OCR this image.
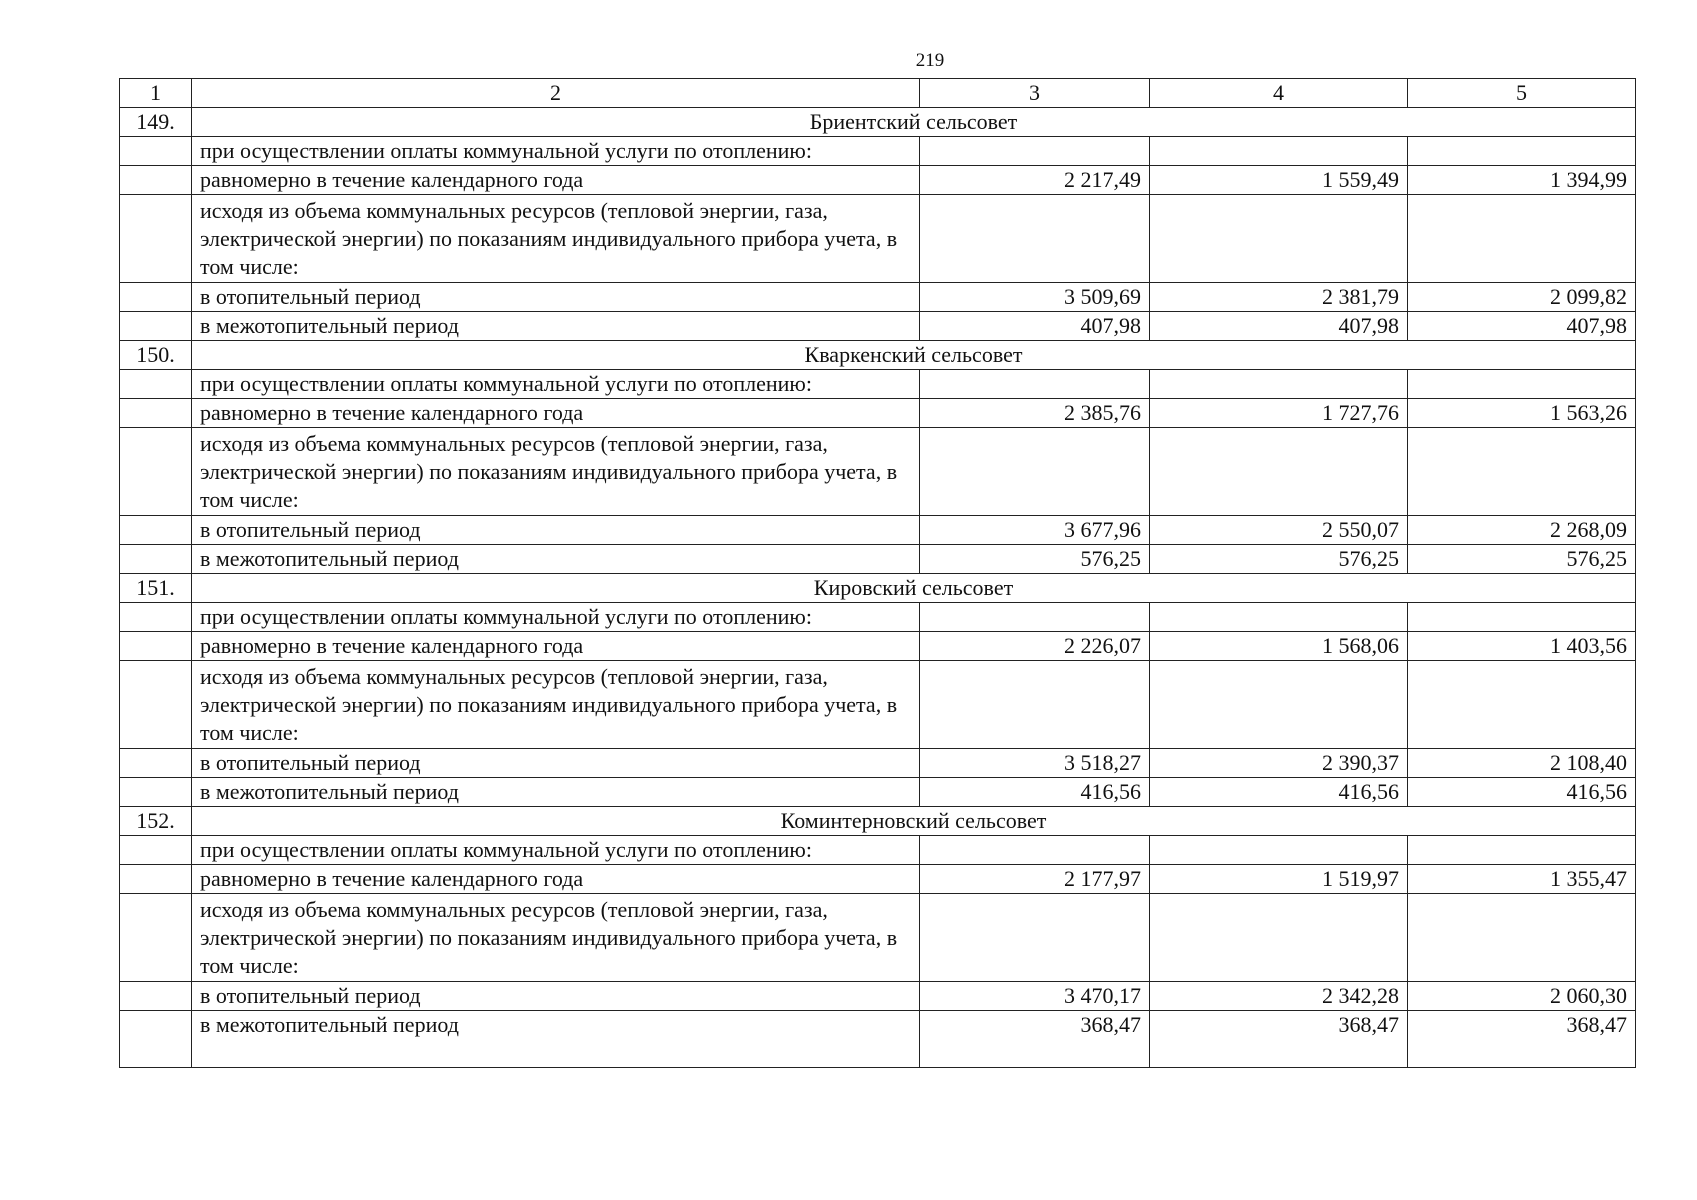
219
1	2	3	4	5
149.	Бриентский сельсовет			
	при осуществлении оплаты коммунальной услуги по отоплению:			
	равномерно в течение календарного года	2 217,49	1 559,49	1 394,99
	исходя из объема коммунальных ресурсов (тепловой энергии, газа, электрической энергии) по показаниям индивидуального прибора учета, в том числе:			
	в отопительный период	3 509,69	2 381,79	2 099,82
	в межотопительный период	407,98	407,98	407,98
150.	Кваркенский сельсовет			
	при осуществлении оплаты коммунальной услуги по отоплению:			
	равномерно в течение календарного года	2 385,76	1 727,76	1 563,26
	исходя из объема коммунальных ресурсов (тепловой энергии, газа, электрической энергии) по показаниям индивидуального прибора учета, в том числе:			
	в отопительный период	3 677,96	2 550,07	2 268,09
	в межотопительный период	576,25	576,25	576,25
151.	Кировский сельсовет			
	при осуществлении оплаты коммунальной услуги по отоплению:			
	равномерно в течение календарного года	2 226,07	1 568,06	1 403,56
	исходя из объема коммунальных ресурсов (тепловой энергии, газа, электрической энергии) по показаниям индивидуального прибора учета, в том числе:			
	в отопительный период	3 518,27	2 390,37	2 108,40
	в межотопительный период	416,56	416,56	416,56
152.	Коминтерновский сельсовет			
	при осуществлении оплаты коммунальной услуги по отоплению:			
	равномерно в течение календарного года	2 177,97	1 519,97	1 355,47
	исходя из объема коммунальных ресурсов (тепловой энергии, газа, электрической энергии) по показаниям индивидуального прибора учета, в том числе:			
	в отопительный период	3 470,17	2 342,28	2 060,30
	в межотопительный период	368,47	368,47	368,47
